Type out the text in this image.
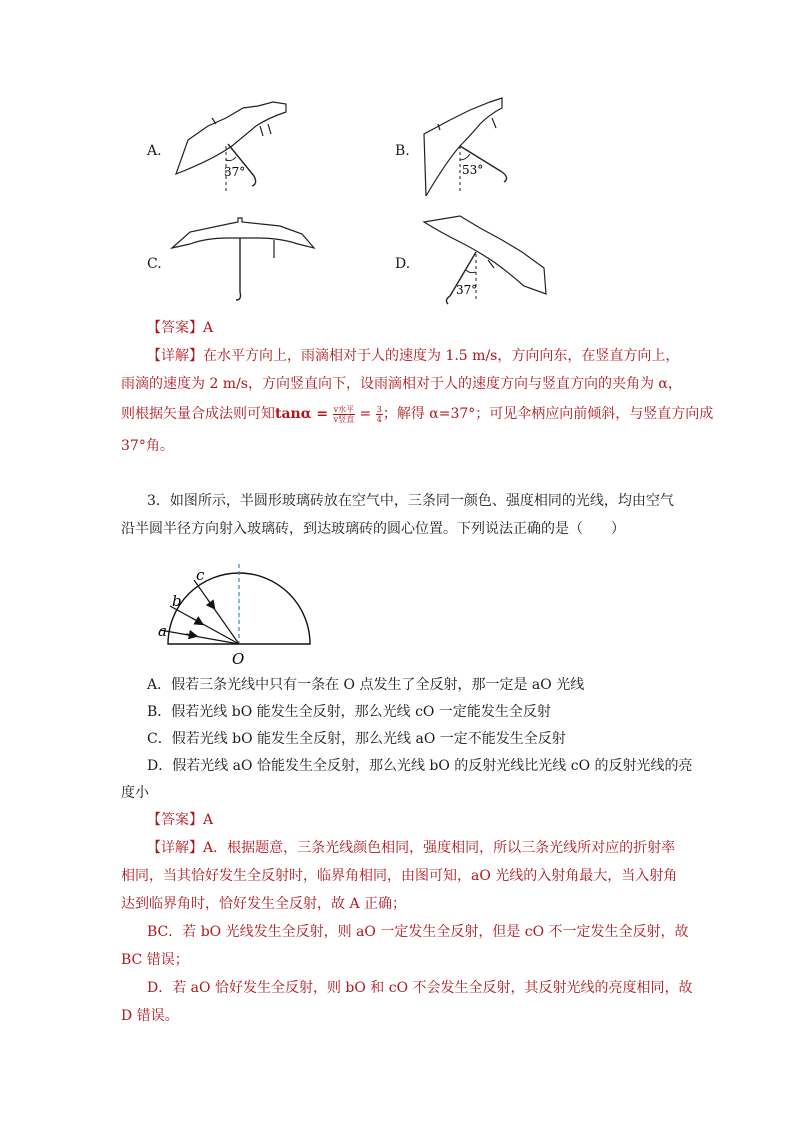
A.
37°
B.
53°
C.	D.
37°
【答案】A
【详解】在水平方向上，雨滴相对于人的速度为 1.5 m/s，方向向东，在竖直方向上，
雨滴的速度为 2 m/s，方向竖直向下，设雨滴相对于人的速度方向与竖直方向的夹角为 α，
则根据矢量合成法则可知$\tan\alpha = \frac{\text{v水平}}{\text{v竖直}} = \frac{3}{4}$ ；解得 α=37°；可见伞柄应向前倾斜，与竖直方向成
37°角。
3．如图所示，半圆形玻璃砖放在空气中，三条同一颜色、强度相同的光线，均由空气
沿半圆半径方向射入玻璃砖，到达玻璃砖的圆心位置。下列说法正确的是（　　）
a
b
c
O
A．假若三条光线中只有一条在 O 点发生了全反射，那一定是 aO 光线
B．假若光线 bO 能发生全反射，那么光线 cO 一定能发生全反射
C．假若光线 bO 能发生全反射，那么光线 aO 一定不能发生全反射
D．假若光线 aO 恰能发生全反射，那么光线 bO 的反射光线比光线 cO 的反射光线的亮
度小
【答案】A
【详解】A．根据题意，三条光线颜色相同，强度相同，所以三条光线所对应的折射率
相同，当其恰好发生全反射时，临界角相同，由图可知，aO 光线的入射角最大，当入射角
达到临界角时，恰好发生全反射，故 A 正确；
BC．若 bO 光线发生全反射，则 aO 一定发生全反射，但是 cO 不一定发生全反射，故
BC 错误；
D．若 aO 恰好发生全反射，则 bO 和 cO 不会发生全反射，其反射光线的亮度相同，故
D 错误。
